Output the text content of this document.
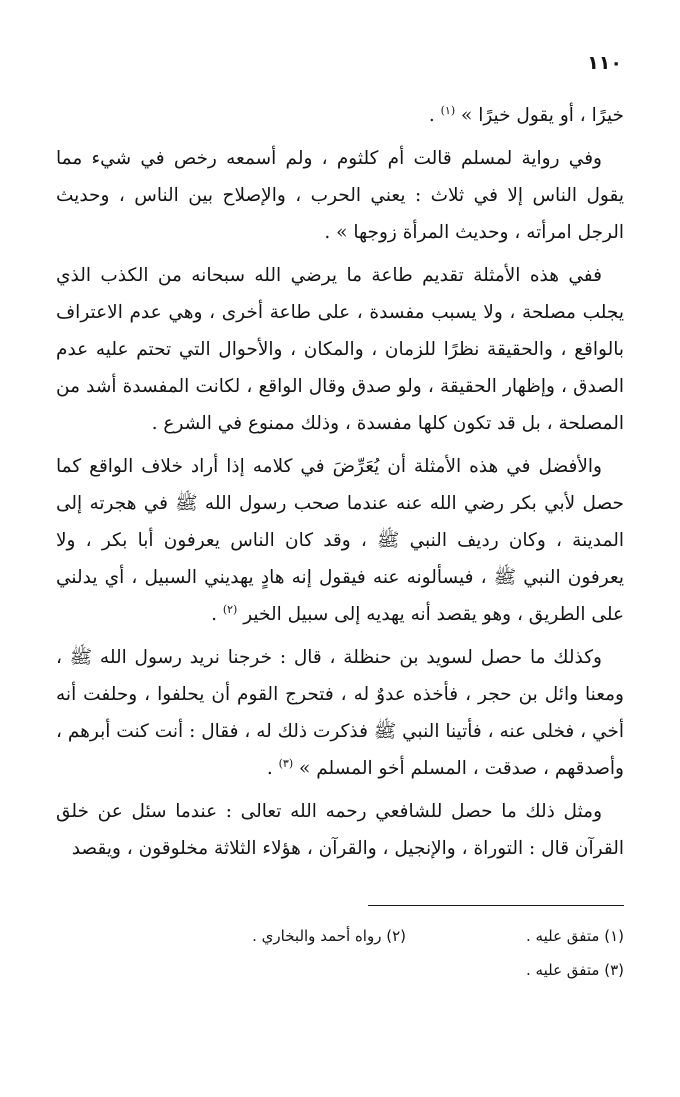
١١٠

خيرًا ، أو يقول خيرًا » $^{(١)}$ .

وفي رواية لمسلم قالت أم كلثوم ، ولم أسمعه رخص في شيء مما يقول الناس إلا في ثلاث : يعني الحرب ، والإصلاح بين الناس ، وحديث الرجل امرأته ، وحديث المرأة زوجها » .

ففي هذه الأمثلة تقديم طاعة ما يرضي الله سبحانه من الكذب الذي يجلب مصلحة ، ولا يسبب مفسدة ، على طاعة أخرى ، وهي عدم الاعتراف بالواقع ، والحقيقة نظرًا للزمان ، والمكان ، والأحوال التي تحتم عليه عدم الصدق ، وإظهار الحقيقة ، ولو صدق وقال الواقع ، لكانت المفسدة أشد من المصلحة ، بل قد تكون كلها مفسدة ، وذلك ممنوع في الشرع .

والأفضل في هذه الأمثلة أن يُعَرِّضَ في كلامه إذا أراد خلاف الواقع كما حصل لأبي بكر رضي الله عنه عندما صحب رسول الله ﷺ في هجرته إلى المدينة ، وكان رديف النبي ﷺ ، وقد كان الناس يعرفون أبا بكر ، ولا يعرفون النبي ﷺ ، فيسألونه عنه فيقول إنه هادٍ يهديني السبيل ، أي يدلني على الطريق ، وهو يقصد أنه يهديه إلى سبيل الخير $^{(٢)}$ .

وكذلك ما حصل لسويد بن حنظلة ، قال : خرجنا نريد رسول الله ﷺ ، ومعنا وائل بن حجر ، فأخذه عدوٌ له ، فتحرج القوم أن يحلفوا ، وحلفت أنه أخي ، فخلى عنه ، فأتينا النبي ﷺ فذكرت ذلك له ، فقال : أنت كنت أبرهم ، وأصدقهم ، صدقت ، المسلم أخو المسلم » $^{(٣)}$ .

ومثل ذلك ما حصل للشافعي رحمه الله تعالى : عندما سئل عن خلق القرآن قال : التوراة ، والإنجيل ، والقرآن ، هؤلاء الثلاثة مخلوقون ، ويقصد

(١) متفق عليه .
(٢) رواه أحمد والبخاري .
(٣) متفق عليه .
